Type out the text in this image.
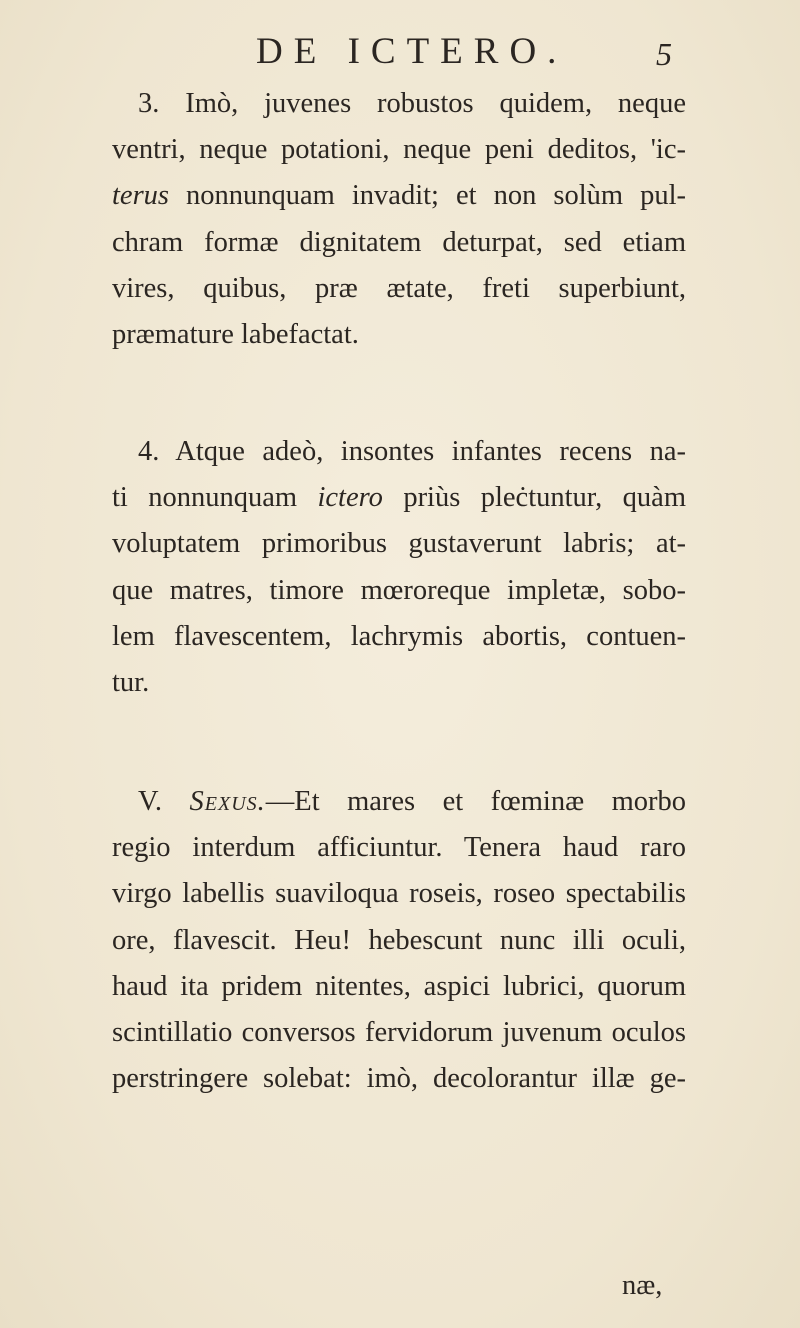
DE ICTERO.	5
3. Imò, juvenes robustos quidem, neque
ventri, neque potationi, neque peni deditos, 'ic-
terus nonnunquam invadit; et non solùm pul-
chram formæ dignitatem deturpat, sed etiam
vires, quibus, præ ætate, freti superbiunt,
præmature labefactat.
4. Atque adeò, insontes infantes recens na-
ti nonnunquam ictero priùs pleċtuntur, quàm
voluptatem primoribus gustaverunt labris; at-
que matres, timore mœroreque impletæ, sobo-
lem flavescentem, lachrymis abortis, contuen-
tur.
V. Sexus.—Et mares et fœminæ morbo
regio interdum afficiuntur. Tenera haud raro
virgo labellis suaviloqua roseis, roseo spectabilis
ore, flavescit. Heu! hebescunt nunc illi oculi,
haud ita pridem nitentes, aspici lubrici, quorum
scintillatio conversos fervidorum juvenum oculos
perstringere solebat: imò, decolorantur illæ ge-
næ,
